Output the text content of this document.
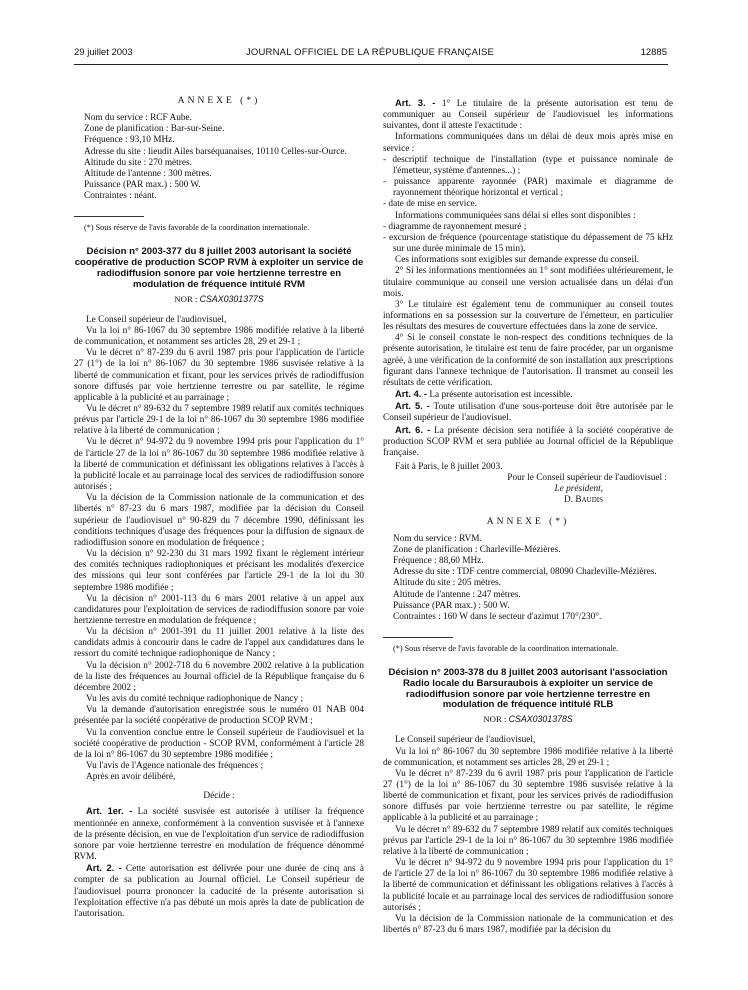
29 juillet 2003	JOURNAL OFFICIEL DE LA RÉPUBLIQUE FRANÇAISE	12885

ANNEXE (*)

Nom du service : RCF Aube.

Zone de planification : Bar-sur-Seine.

Fréquence : 93,10 MHz.

Adresse du site : lieudit Ailes barséquanaises, 10110 Celles-sur-Ource.

Altitude du site : 270 mètres.

Altitude de l'antenne : 300 mètres.

Puissance (PAR max.) : 500 W.

Contraintes : néant.

(*) Sous réserve de l'avis favorable de la coordination internationale.

Décision n° 2003-377 du 8 juillet 2003 autorisant la société coopérative de production SCOP RVM à exploiter un service de radiodiffusion sonore par voie hertzienne terrestre en modulation de fréquence intitulé RVM

NOR : CSAX0301377S

Le Conseil supérieur de l'audiovisuel,

Vu la loi n° 86-1067 du 30 septembre 1986 modifiée relative à la liberté de communication, et notamment ses articles 28, 29 et 29-1 ;

Vu le décret n° 87-239 du 6 avril 1987 pris pour l'application de l'article 27 (1°) de la loi n° 86-1067 du 30 septembre 1986 susvisée relative à la liberté de communication et fixant, pour les services privés de radiodiffusion sonore diffusés par voie hertzienne terrestre ou par satellite, le régime applicable à la publicité et au parrainage ;

Vu le décret n° 89-632 du 7 septembre 1989 relatif aux comités techniques prévus par l'article 29-1 de la loi n° 86-1067 du 30 septembre 1986 modifiée relative à la liberté de communication ;

Vu le décret n° 94-972 du 9 novembre 1994 pris pour l'application du 1° de l'article 27 de la loi n° 86-1067 du 30 septembre 1986 modifiée relative à la liberté de communication et définissant les obligations relatives à l'accès à la publicité locale et au parrainage local des services de radiodiffusion sonore autorisés ;

Vu la décision de la Commission nationale de la communication et des libertés n° 87-23 du 6 mars 1987, modifiée par la décision du Conseil supérieur de l'audiovisuel n° 90-829 du 7 décembre 1990, définissant les conditions techniques d'usage des fréquences pour la diffusion de signaux de radiodiffusion sonore en modulation de fréquence ;

Vu la décision n° 92-230 du 31 mars 1992 fixant le règlement intérieur des comités techniques radiophoniques et précisant les modalités d'exercice des missions qui leur sont conférées par l'article 29-1 de la loi du 30 septembre 1986 modifiée ;

Vu la décision n° 2001-113 du 6 mars 2001 relative à un appel aux candidatures pour l'exploitation de services de radiodiffusion sonore par voie hertzienne terrestre en modulation de fréquence ;

Vu la décision n° 2001-391 du 11 juillet 2001 relative à la liste des candidats admis à concourir dans le cadre de l'appel aux candidatures dans le ressort du comité technique radiophonique de Nancy ;

Vu la décision n° 2002-718 du 6 novembre 2002 relative à la publication de la liste des fréquences au Journal officiel de la République française du 6 décembre 2002 ;

Vu les avis du comité technique radiophonique de Nancy ;

Vu la demande d'autorisation enregistrée sous le numéro 01 NAB 004 présentée par la société coopérative de production SCOP RVM ;

Vu la convention conclue entre le Conseil supérieur de l'audiovisuel et la société coopérative de production - SCOP RVM, conformément à l'article 28 de la loi n° 86-1067 du 30 septembre 1986 modifiée ;

Vu l'avis de l'Agence nationale des fréquences ;

Après en avoir délibéré,

Décide :

Art. 1er. - La société susvisée est autorisée à utiliser la fréquence mentionnée en annexe, conformément à la convention susvisée et à l'annexe de la présente décision, en vue de l'exploitation d'un service de radiodiffusion sonore par voie hertzienne terrestre en modulation de fréquence dénommé RVM.

Art. 2. - Cette autorisation est délivrée pour une durée de cinq ans à compter de sa publication au Journal officiel. Le Conseil supérieur de l'audiovisuel pourra prononcer la caducité de la présente autorisation si l'exploitation effective n'a pas débuté un mois après la date de publication de l'autorisation.

Art. 3. - 1° Le titulaire de la présente autorisation est tenu de communiquer au Conseil supérieur de l'audiovisuel les informations suivantes, dont il atteste l'exactitude :

Informations communiquées dans un délai de deux mois après mise en service :

- descriptif technique de l'installation (type et puissance nominale de l'émetteur, système d'antennes...) ;

- puissance apparente rayonnée (PAR) maximale et diagramme de rayonnement théorique horizontal et vertical ;

- date de mise en service.

Informations communiquées sans délai si elles sont disponibles :

- diagramme de rayonnement mesuré ;

- excursion de fréquence (pourcentage statistique du dépassement de 75 kHz sur une durée minimale de 15 min).

Ces informations sont exigibles sur demande expresse du conseil.

2° Si les informations mentionnées au 1° sont modifiées ultérieurement, le titulaire communique au conseil une version actualisée dans un délai d'un mois.

3° Le titulaire est également tenu de communiquer au conseil toutes informations en sa possession sur la couverture de l'émetteur, en particulier les résultats des mesures de couverture effectuées dans la zone de service.

4° Si le conseil constate le non-respect des conditions techniques de la présente autorisation, le titulaire est tenu de faire procéder, par un organisme agréé, à une vérification de la conformité de son installation aux prescriptions figurant dans l'annexe technique de l'autorisation. Il transmet au conseil les résultats de cette vérification.

Art. 4. - La présente autorisation est incessible.

Art. 5. - Toute utilisation d'une sous-porteuse doit être autorisée par le Conseil supérieur de l'audiovisuel.

Art. 6. - La présente décision sera notifiée à la société coopérative de production SCOP RVM et sera publiée au Journal officiel de la République française.

Fait à Paris, le 8 juillet 2003.

Pour le Conseil supérieur de l'audiovisuel :

Le président,

D. Baudis

ANNEXE (*)

Nom du service : RVM.

Zone de planification : Charleville-Mézières.

Fréquence : 88,60 MHz.

Adresse du site : TDF centre commercial, 08090 Charleville-Mézières.

Altitude du site : 205 mètres.

Altitude de l'antenne : 247 mètres.

Puissance (PAR max.) : 500 W.

Contraintes : 160 W dans le secteur d'azimut 170°/230°.

(*) Sous réserve de l'avis favorable de la coordination internationale.

Décision n° 2003-378 du 8 juillet 2003 autorisant l'association Radio locale du Barsuraubois à exploiter un service de radiodiffusion sonore par voie hertzienne terrestre en modulation de fréquence intitulé RLB

NOR : CSAX0301378S

Le Conseil supérieur de l'audiovisuel,

Vu la loi n° 86-1067 du 30 septembre 1986 modifiée relative à la liberté de communication, et notamment ses articles 28, 29 et 29-1 ;

Vu le décret n° 87-239 du 6 avril 1987 pris pour l'application de l'article 27 (1°) de la loi n° 86-1067 du 30 septembre 1986 susvisée relative à la liberté de communication et fixant, pour les services privés de radiodiffusion sonore diffusés par voie hertzienne terrestre ou par satellite, le régime applicable à la publicité et au parrainage ;

Vu le décret n° 89-632 du 7 septembre 1989 relatif aux comités techniques prévus par l'article 29-1 de la loi n° 86-1067 du 30 septembre 1986 modifiée relative à la liberté de communication ;

Vu le décret n° 94-972 du 9 novembre 1994 pris pour l'application du 1° de l'article 27 de la loi n° 86-1067 du 30 septembre 1986 modifiée relative à la liberté de communication et définissant les obligations relatives à l'accès à la publicité locale et au parrainage local des services de radiodiffusion sonore autorisés ;

Vu la décision de la Commission nationale de la communication et des libertés n° 87-23 du 6 mars 1987, modifiée par la décision du
